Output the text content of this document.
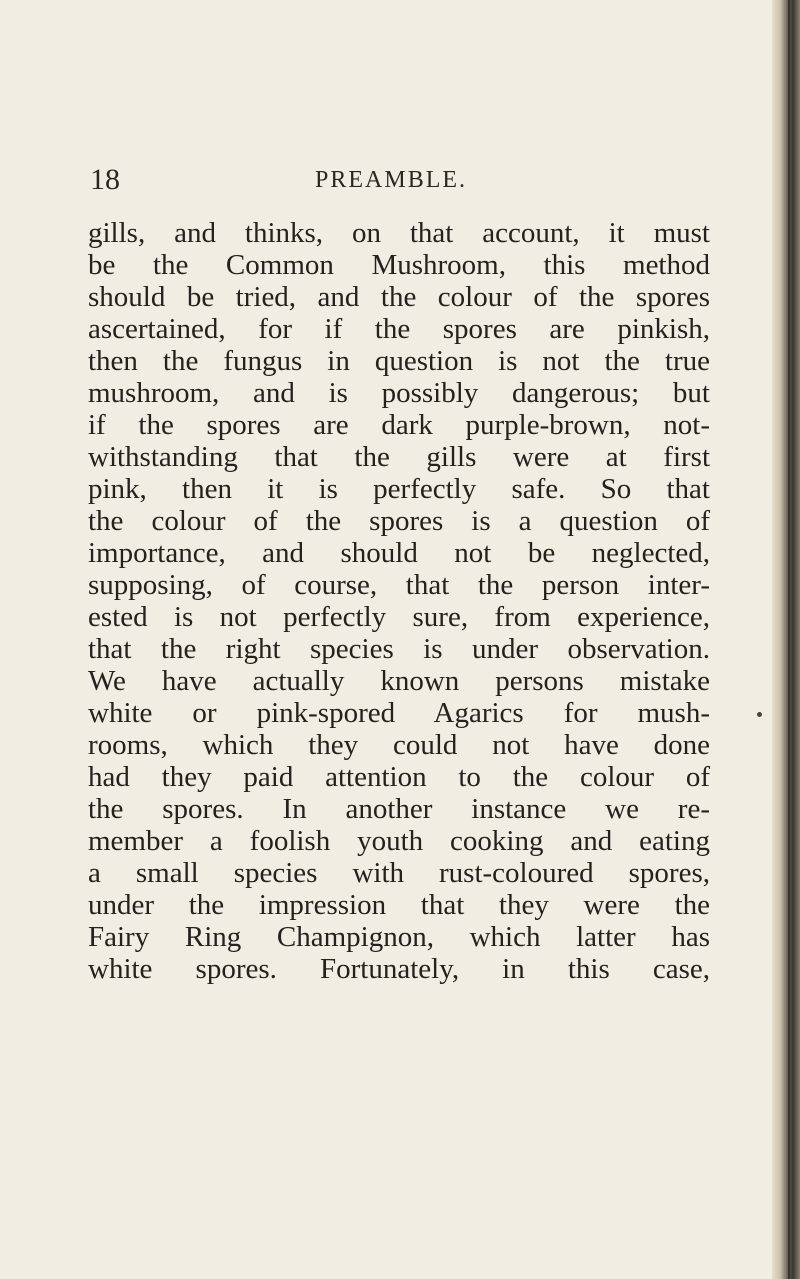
18	PREAMBLE.
gills, and thinks, on that account, it must
be the Common Mushroom, this method
should be tried, and the colour of the spores
ascertained, for if the spores are pinkish,
then the fungus in question is not the true
mushroom, and is possibly dangerous; but
if the spores are dark purple-brown, not-
withstanding that the gills were at first
pink, then it is perfectly safe. So that
the colour of the spores is a question of
importance, and should not be neglected,
supposing, of course, that the person inter-
ested is not perfectly sure, from experience,
that the right species is under observation.
We have actually known persons mistake
white or pink-spored Agarics for mush-
rooms, which they could not have done
had they paid attention to the colour of
the spores. In another instance we re-
member a foolish youth cooking and eating
a small species with rust-coloured spores,
under the impression that they were the
Fairy Ring Champignon, which latter has
white spores. Fortunately, in this case,
